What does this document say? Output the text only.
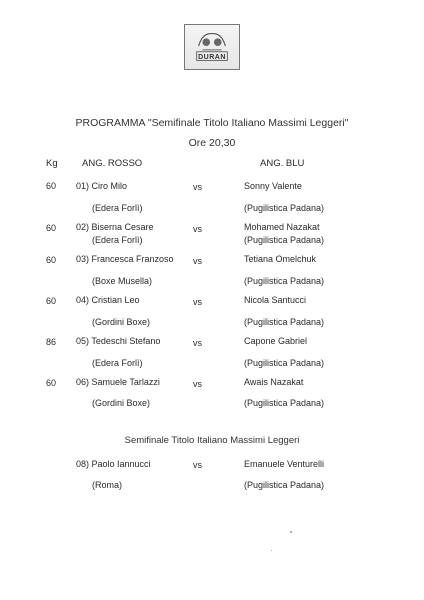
DURAN
PROGRAMMA "Semifinale Titolo Italiano Massimi Leggeri"
Ore 20,30
Kg	ANG. ROSSO	ANG. BLU
60 01) Ciro Milo	vs	Sonny Valente
(Edera Forlì)	(Pugilistica Padana)
60 02) Biserna Cesare	vs	Mohamed Nazakat
(Edera Forlì)	(Pugilistica Padana)
60 03) Francesca Franzoso vs	Tetiana Omelchuk
(Boxe Musella)	(Pugilistica Padana)
60 04) Cristian Leo	vs	Nicola Santucci
(Gordini Boxe)	(Pugilistica Padana)
86 05) Tedeschi Stefano	vs	Capone Gabriel
(Edera Forlì)	(Pugilistica Padana)
60 06) Samuele Tarlazzi	vs	Awais Nazakat
(Gordini Boxe)	(Pugilistica Padana)
Semifinale Titolo Italiano Massimi Leggeri
08) Paolo Iannucci	vs	Emanuele Venturelli
(Roma)	(Pugilistica Padana)
